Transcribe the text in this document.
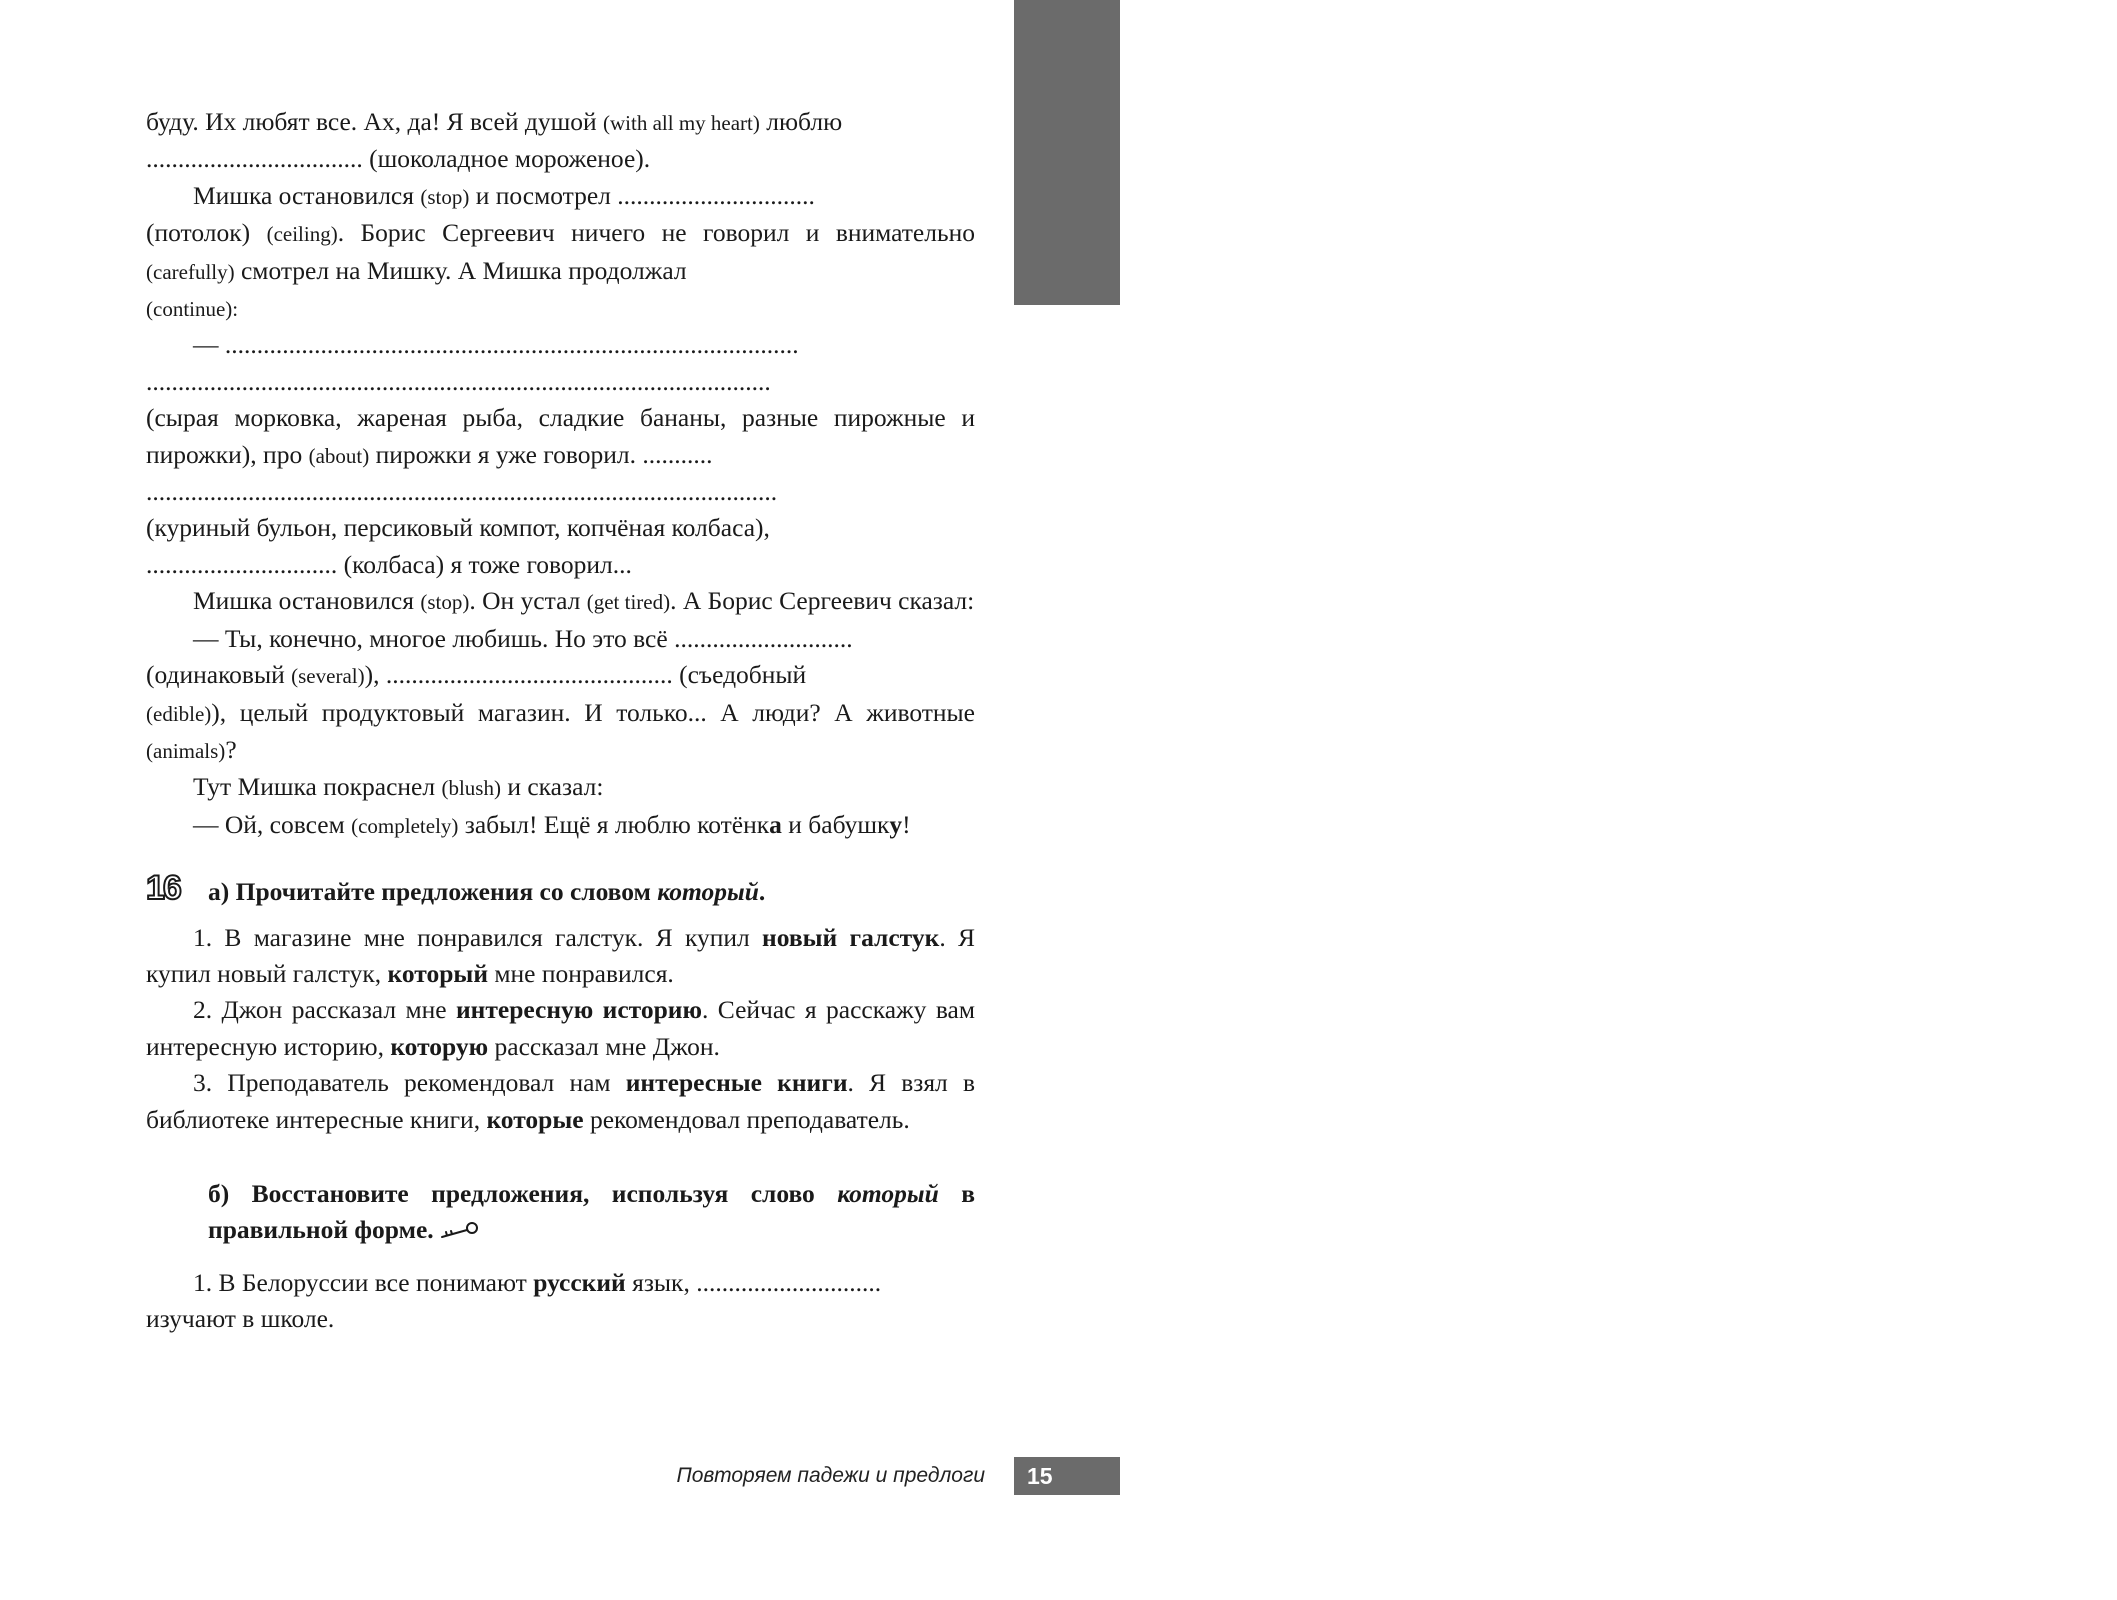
УРОК ПЕРВЫЙ Винительный падеж

буду. Их любят все. Ах, да! Я всей душой (with all my heart) люблю
.................................. (шоколадное мороженое).

Мишка остановился (stop) и посмотрел ...............................
(потолок) (ceiling). Борис Сергеевич ничего не говорил и внимательно (carefully) смотрел на Мишку. А Мишка продолжал
(continue):

— ..........................................................................................

..................................................................................................

(сырая морковка, жареная рыба, сладкие бананы, разные пирожные и пирожки), про (about) пирожки я уже говорил. ...........
...................................................................................................

(куриный бульон, персиковый компот, копчёная колбаса),
.............................. (колбаса) я тоже говорил...

Мишка остановился (stop). Он устал (get tired). А Борис Сергеевич сказал:

— Ты, конечно, многое любишь. Но это всё ............................
(одинаковый (several)), ............................................. (съедобный
(edible)), целый продуктовый магазин. И только... А люди? А животные (animals)?

Тут Мишка покраснел (blush) и сказал:

— Ой, совсем (completely) забыл! Ещё я люблю котёнка и бабушку!

16	а) Прочитайте предложения со словом который.

1. В магазине мне понравился галстук. Я купил новый галстук. Я купил новый галстук, который мне понравился.

2. Джон рассказал мне интересную историю. Сейчас я расскажу вам интересную историю, которую рассказал мне Джон.

3. Преподаватель рекомендовал нам интересные книги. Я взял в библиотеке интересные книги, которые рекомендовал преподаватель.

б) Восстановите предложения, используя слово который в правильной форме.

1. В Белоруссии все понимают русский язык, .............................
изучают в школе.

Повторяем падежи и предлоги	15
